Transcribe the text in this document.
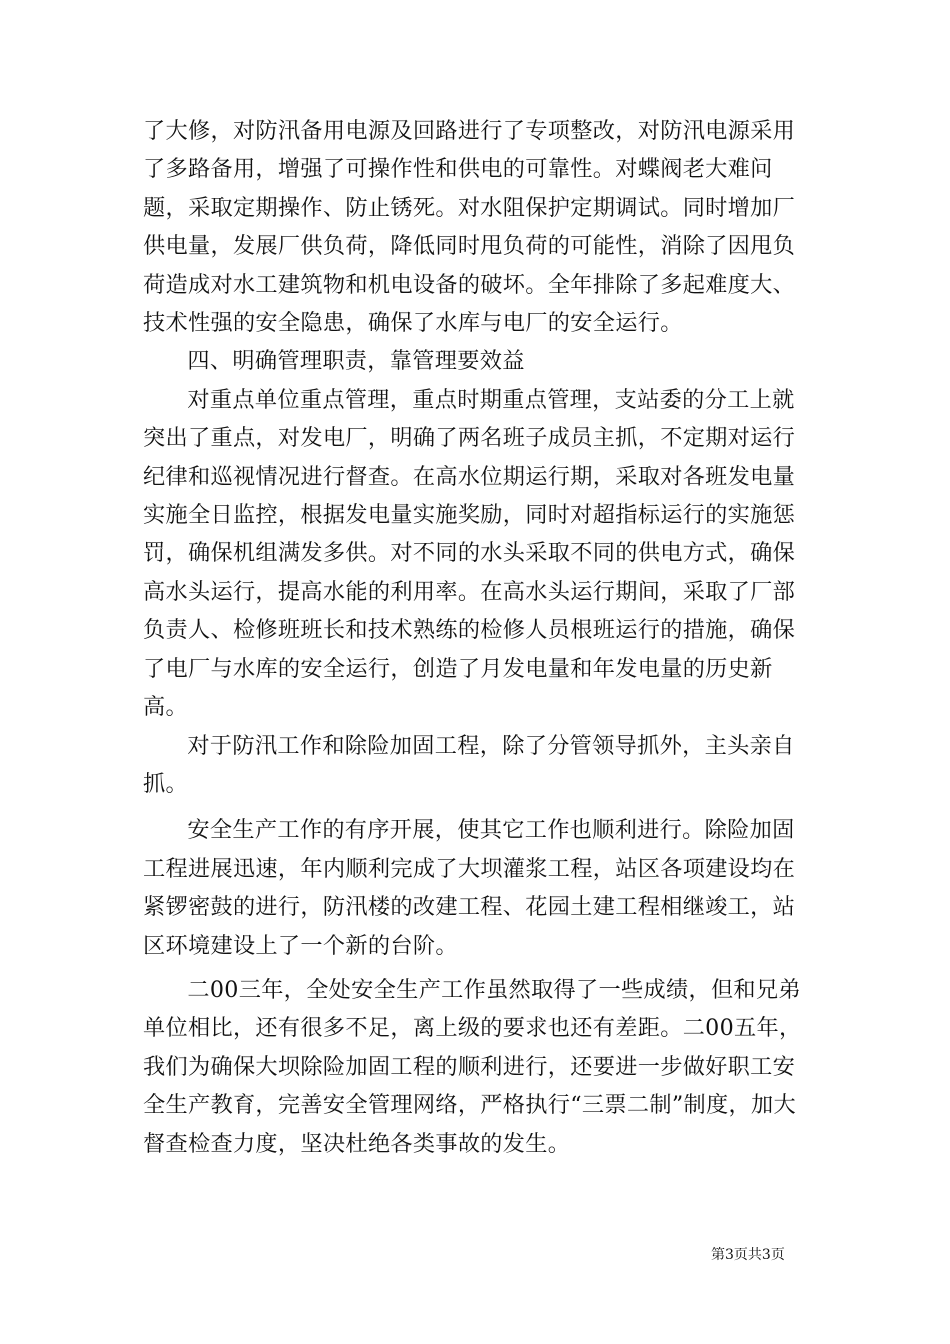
了大修，对防汛备用电源及回路进行了专项整改，对防汛电源采用了多路备用，增强了可操作性和供电的可靠性。对蝶阀老大难问题，采取定期操作、防止锈死。对水阻保护定期调试。同时增加厂供电量，发展厂供负荷，降低同时甩负荷的可能性，消除了因甩负荷造成对水工建筑物和机电设备的破坏。全年排除了多起难度大、技术性强的安全隐患，确保了水库与电厂的安全运行。

四、明确管理职责，靠管理要效益

对重点单位重点管理，重点时期重点管理，支站委的分工上就突出了重点，对发电厂，明确了两名班子成员主抓，不定期对运行纪律和巡视情况进行督查。在高水位期运行期，采取对各班发电量实施全日监控，根据发电量实施奖励，同时对超指标运行的实施惩罚，确保机组满发多供。对不同的水头采取不同的供电方式，确保高水头运行，提高水能的利用率。在高水头运行期间，采取了厂部负责人、检修班班长和技术熟练的检修人员根班运行的措施，确保了电厂与水库的安全运行，创造了月发电量和年发电量的历史新高。

对于防汛工作和除险加固工程，除了分管领导抓外，主头亲自抓。

安全生产工作的有序开展，使其它工作也顺利进行。除险加固工程进展迅速，年内顺利完成了大坝灌浆工程，站区各项建设均在紧锣密鼓的进行，防汛楼的改建工程、花园土建工程相继竣工，站区环境建设上了一个新的台阶。

二00三年，全处安全生产工作虽然取得了一些成绩，但和兄弟单位相比，还有很多不足，离上级的要求也还有差距。二00五年，我们为确保大坝除险加固工程的顺利进行，还要进一步做好职工安全生产教育，完善安全管理网络，严格执行“三票二制”制度，加大督查检查力度，坚决杜绝各类事故的发生。

第3页共3页
